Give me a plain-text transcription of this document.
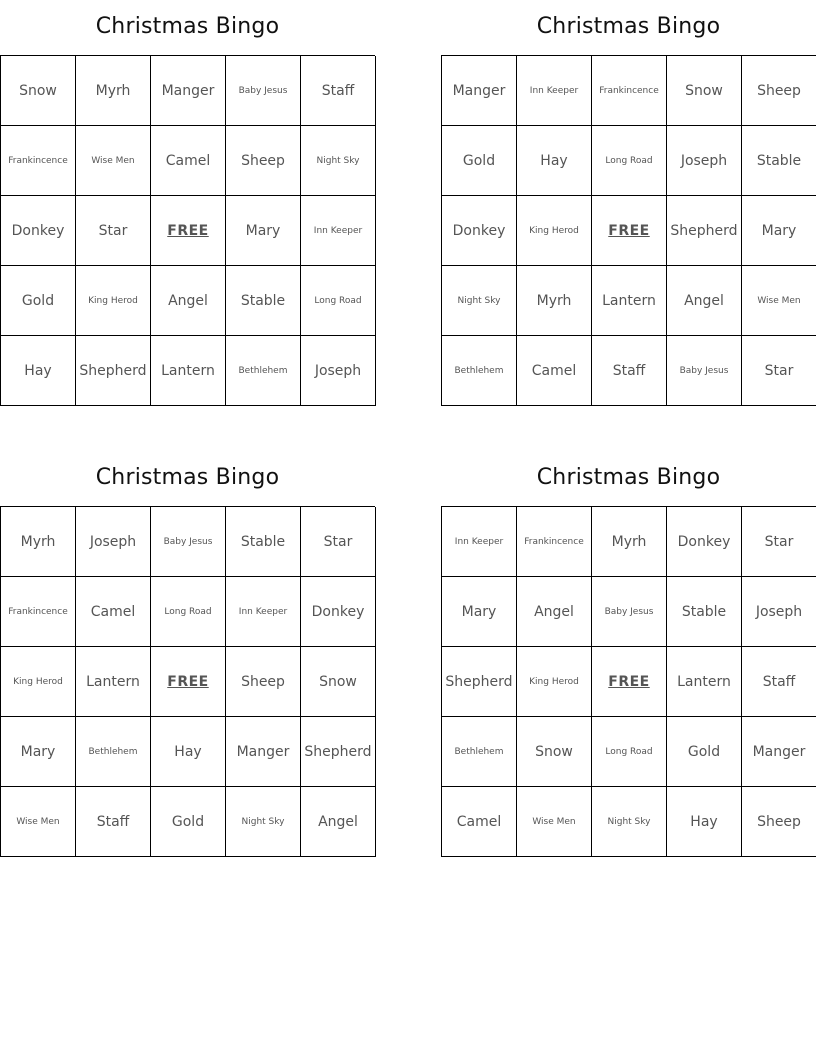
Christmas Bingo
Snow	Myrh	Manger	Baby Jesus	Staff
Frankincence	Wise Men	Camel	Sheep	Night Sky
Donkey	Star	FREE	Mary	Inn Keeper
Gold	King Herod	Angel	Stable	Long Road
Hay	Shepherd	Lantern	Bethlehem	Joseph
Christmas Bingo
Manger	Inn Keeper	Frankincence	Snow	Sheep
Gold	Hay	Long Road	Joseph	Stable
Donkey	King Herod	FREE	Shepherd	Mary
Night Sky	Myrh	Lantern	Angel	Wise Men
Bethlehem	Camel	Staff	Baby Jesus	Star
Christmas Bingo
Myrh	Joseph	Baby Jesus	Stable	Star
Frankincence	Camel	Long Road	Inn Keeper	Donkey
King Herod	Lantern	FREE	Sheep	Snow
Mary	Bethlehem	Hay	Manger	Shepherd
Wise Men	Staff	Gold	Night Sky	Angel
Christmas Bingo
Inn Keeper	Frankincence	Myrh	Donkey	Star
Mary	Angel	Baby Jesus	Stable	Joseph
Shepherd	King Herod	FREE	Lantern	Staff
Bethlehem	Snow	Long Road	Gold	Manger
Camel	Wise Men	Night Sky	Hay	Sheep
